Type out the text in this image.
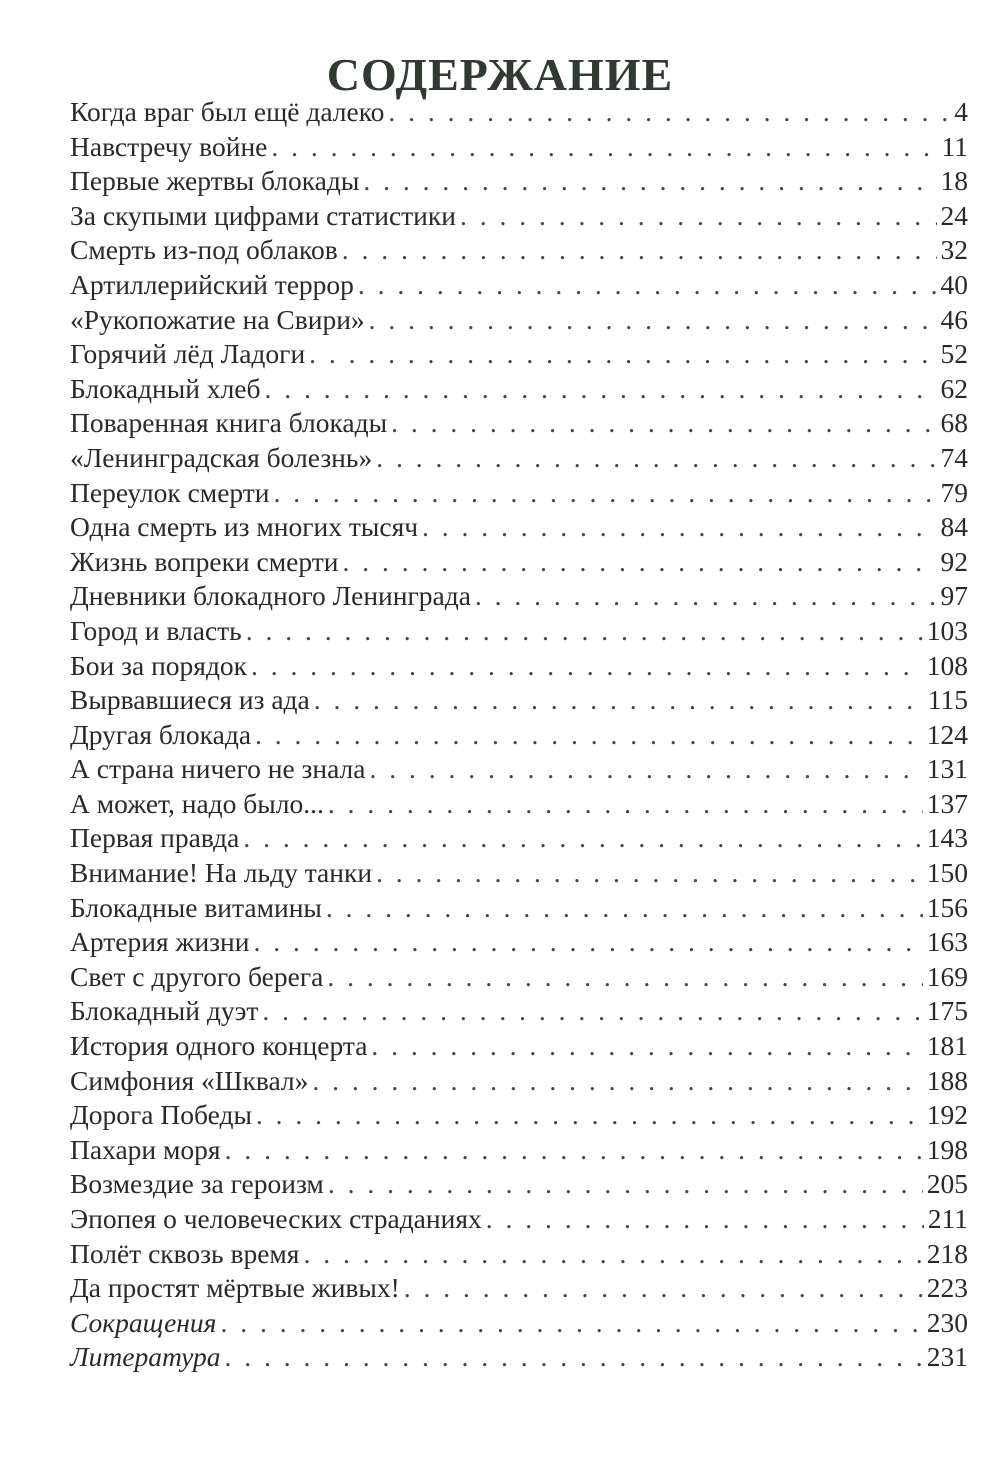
СОДЕРЖАНИЕ
Когда враг был ещё далеко . . .	4
Навстречу войне . . .	11
Первые жертвы блокады . . .	18
За скупыми цифрами статистики . . .	24
Смерть из-под облаков . . .	32
Артиллерийский террор . . .	40
«Рукопожатие на Свири» . . .	46
Горячий лёд Ладоги . . .	52
Блокадный хлеб . . .	62
Поваренная книга блокады . . .	68
«Ленинградская болезнь» . . .	74
Переулок смерти . . .	79
Одна смерть из многих тысяч . . .	84
Жизнь вопреки смерти . . .	92
Дневники блокадного Ленинграда . . .	97
Город и власть . . .	103
Бои за порядок . . .	108
Вырвавшиеся из ада . . .	115
Другая блокада . . .	124
А страна ничего не знала . . .	131
А может, надо было... . . .	137
Первая правда . . .	143
Внимание! На льду танки . . .	150
Блокадные витамины . . .	156
Артерия жизни . . .	163
Свет с другого берега . . .	169
Блокадный дуэт . . .	175
История одного концерта . . .	181
Симфония «Шквал» . . .	188
Дорога Победы . . .	192
Пахари моря . . .	198
Возмездие за героизм . . .	205
Эпопея о человеческих страданиях . . .	211
Полёт сквозь время . . .	218
Да простят мёртвые живых! . . .	223
Сокращения . . .	230
Литература . . .	231
